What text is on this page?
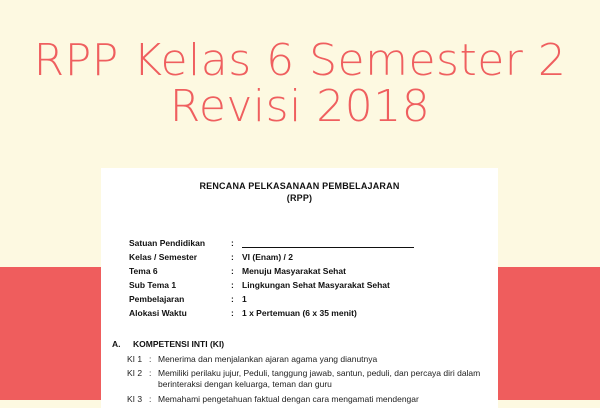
RPP Kelas 6 Semester 2
Revisi 2018
RENCANA PELKASANAAN PEMBELAJARAN
(RPP)
Satuan Pendidikan	:
Kelas / Semester	: VI (Enam) / 2
Tema 6	: Menuju Masyarakat Sehat
Sub Tema 1	: Lingkungan Sehat Masyarakat Sehat
Pembelajaran	: 1
Alokasi Waktu	: 1 x Pertemuan (6 x 35 menit)
A.	KOMPETENSI INTI (KI)
KI 1 : Menerima dan menjalankan ajaran agama yang dianutnya
KI 2 : Memiliki perilaku jujur, Peduli, tanggung jawab, santun, peduli, dan percaya diri dalam berinteraksi dengan keluarga, teman dan guru
KI 3 : Memahami pengetahuan faktual dengan cara mengamati mendengar
